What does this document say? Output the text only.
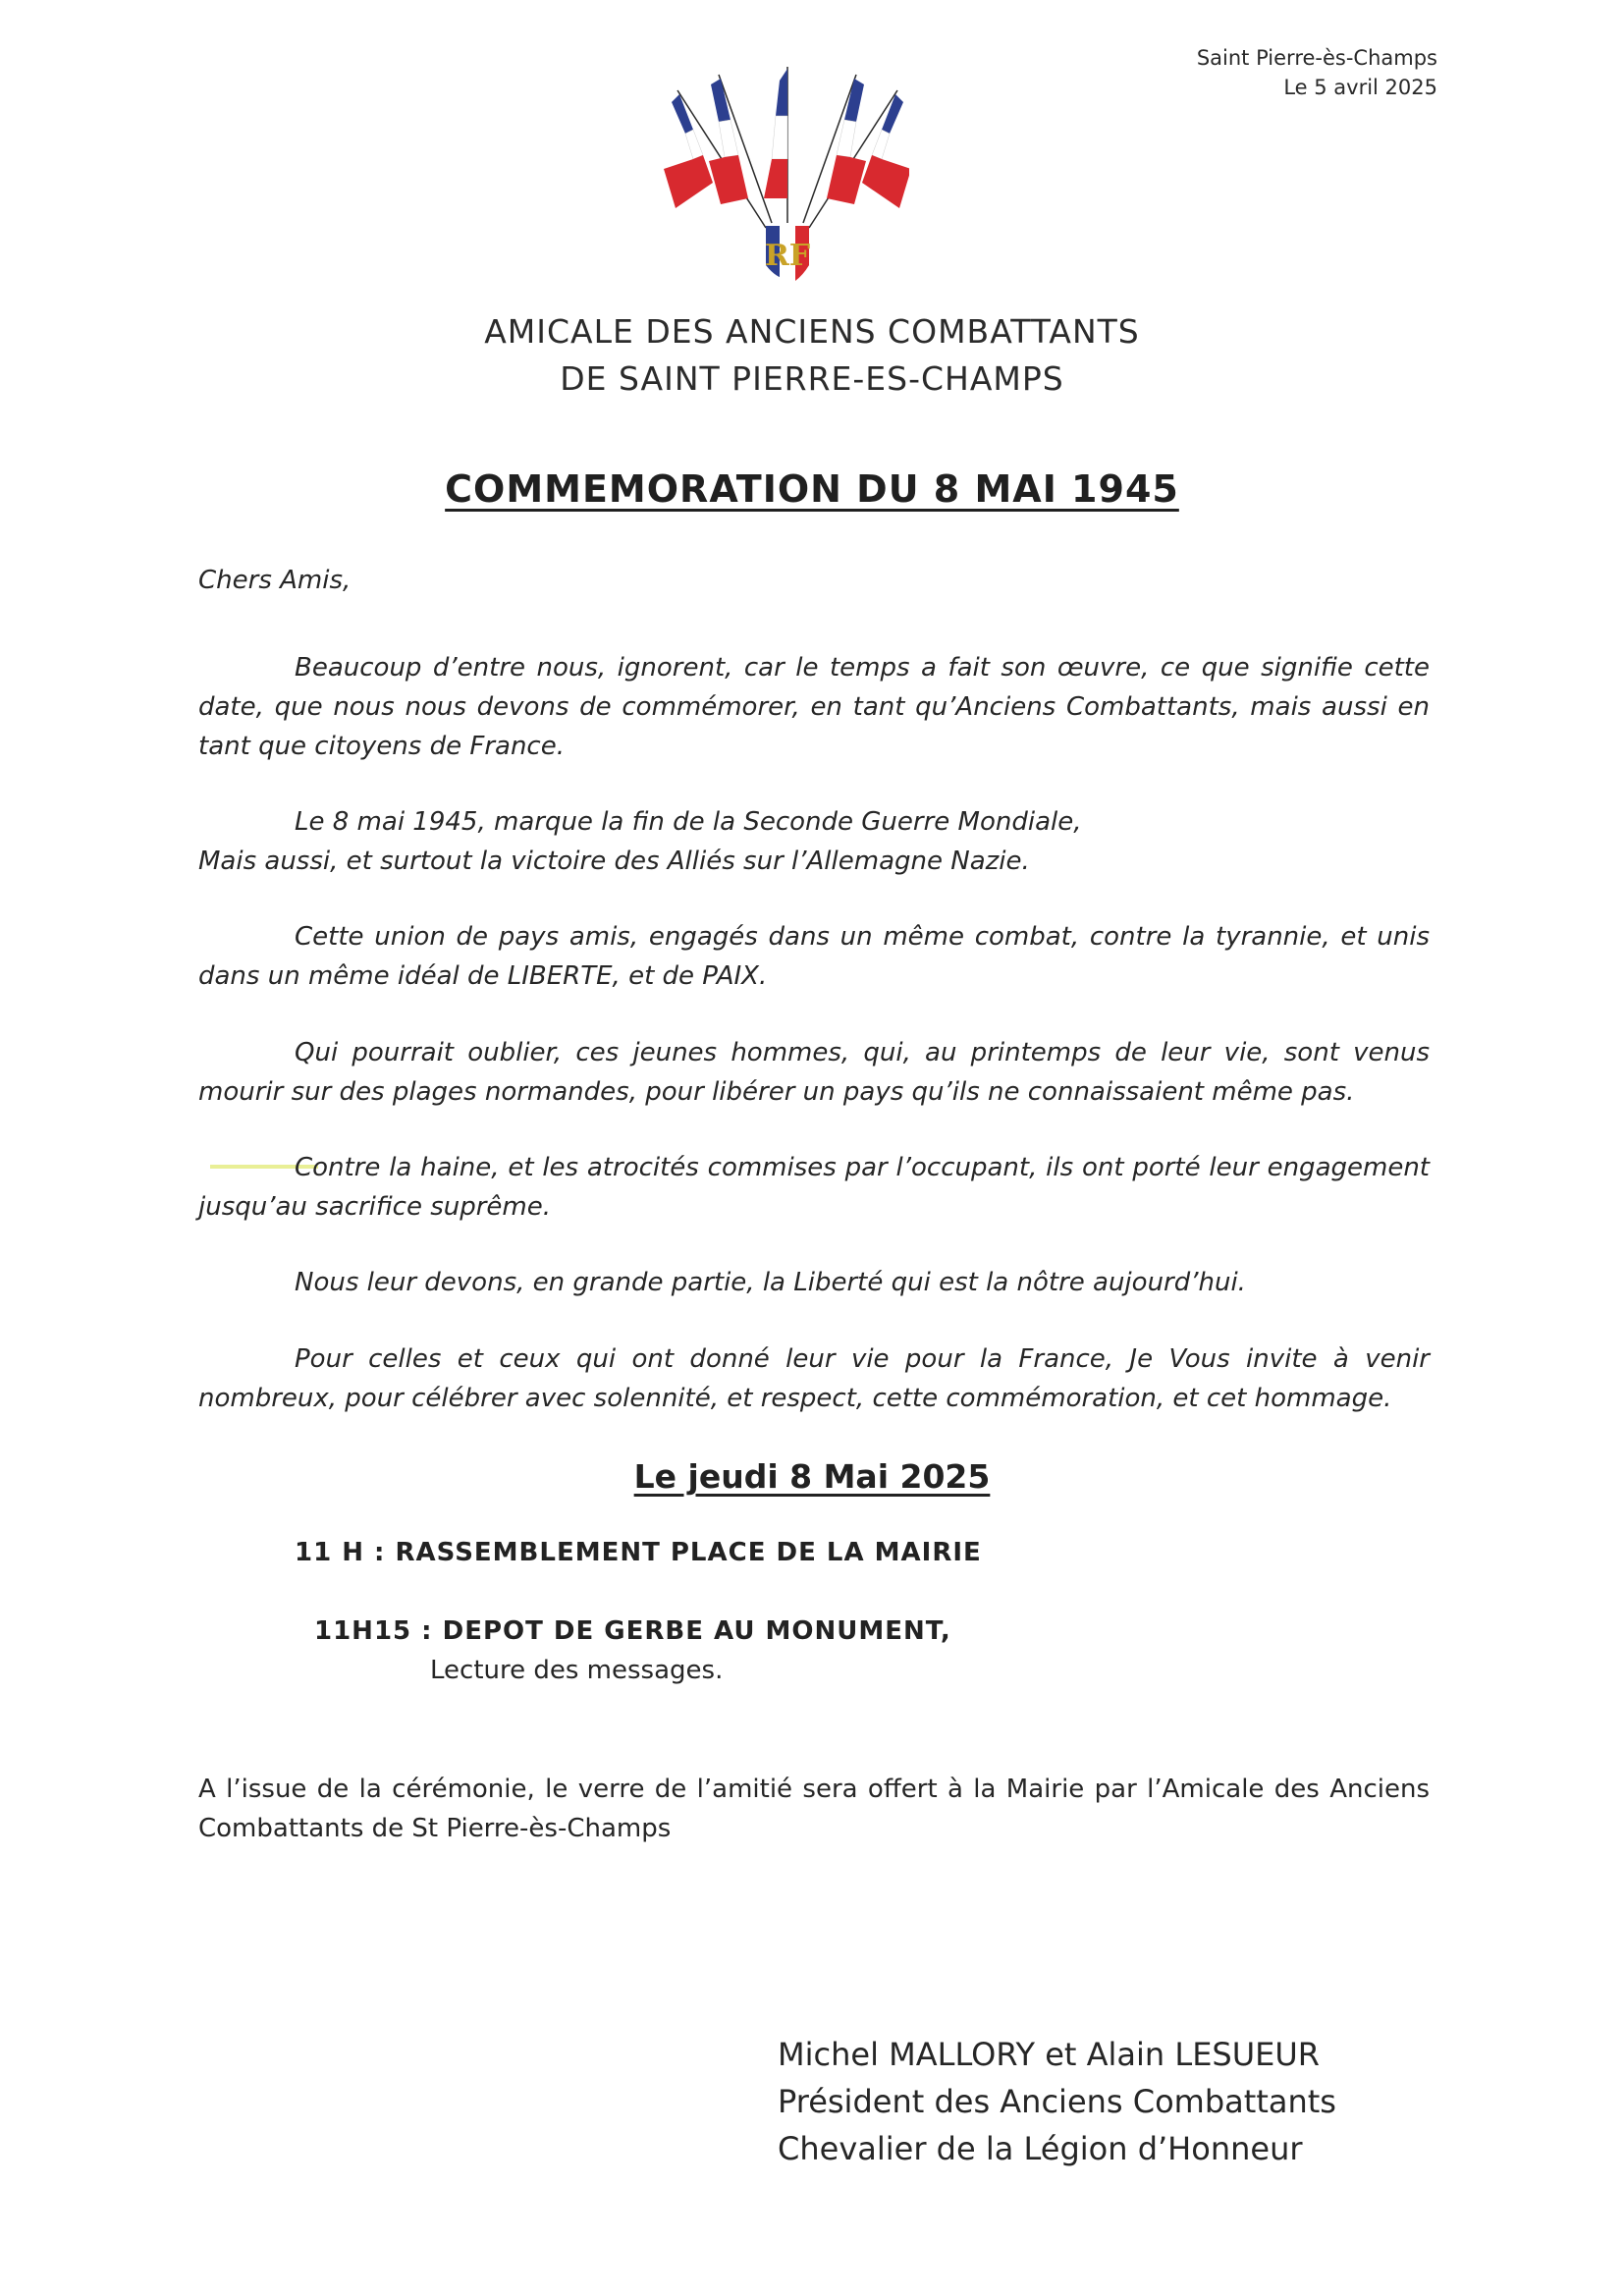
Saint Pierre-ès-Champs
Le 5 avril 2025
RF
AMICALE DES ANCIENS COMBATTANTS
DE SAINT PIERRE-ES-CHAMPS
COMMEMORATION DU 8 MAI 1945
Chers Amis,
Beaucoup d’entre nous, ignorent, car le temps a fait son œuvre, ce que signifie cette date, que nous nous devons de commémorer, en tant qu’Anciens Combattants, mais aussi en tant que citoyens de France.
Le 8 mai 1945, marque la fin de la Seconde Guerre Mondiale,
Mais aussi, et surtout la victoire des Alliés sur l’Allemagne Nazie.
Cette union de pays amis, engagés dans un même combat, contre la tyrannie, et unis dans un même idéal de LIBERTE, et de PAIX.
Qui pourrait oublier, ces jeunes hommes, qui, au printemps de leur vie, sont venus mourir sur des plages normandes, pour libérer un pays qu’ils ne connaissaient même pas.
Contre la haine, et les atrocités commises par l’occupant, ils ont porté leur engagement jusqu’au sacrifice suprême.
Nous leur devons, en grande partie, la Liberté qui est la nôtre aujourd’hui.
Pour celles et ceux qui ont donné leur vie pour la France, Je Vous invite à venir nombreux, pour célébrer avec solennité, et respect, cette commémoration, et cet hommage.
Le jeudi 8 Mai 2025
11 H : RASSEMBLEMENT PLACE DE LA MAIRIE
11H15 : DEPOT DE GERBE AU MONUMENT,
Lecture des messages.
A l’issue de la cérémonie, le verre de l’amitié sera offert à la Mairie par l’Amicale des Anciens Combattants de St Pierre-ès-Champs
Michel MALLORY et Alain LESUEUR
Président des Anciens Combattants
Chevalier de la Légion d’Honneur
